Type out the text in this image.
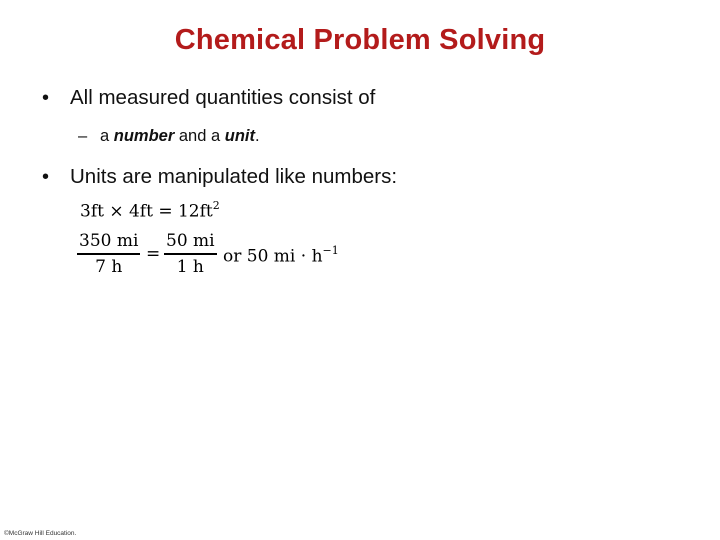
Chemical Problem Solving
•	All measured quantities consist of
– a number and a unit.
•	Units are manipulated like numbers:
$3ft \times 4ft = 12ft^2$
350 mi
7 h
=
50 mi
1 h or 50 mi · $h^{-1}$
©McGraw Hill Education.
